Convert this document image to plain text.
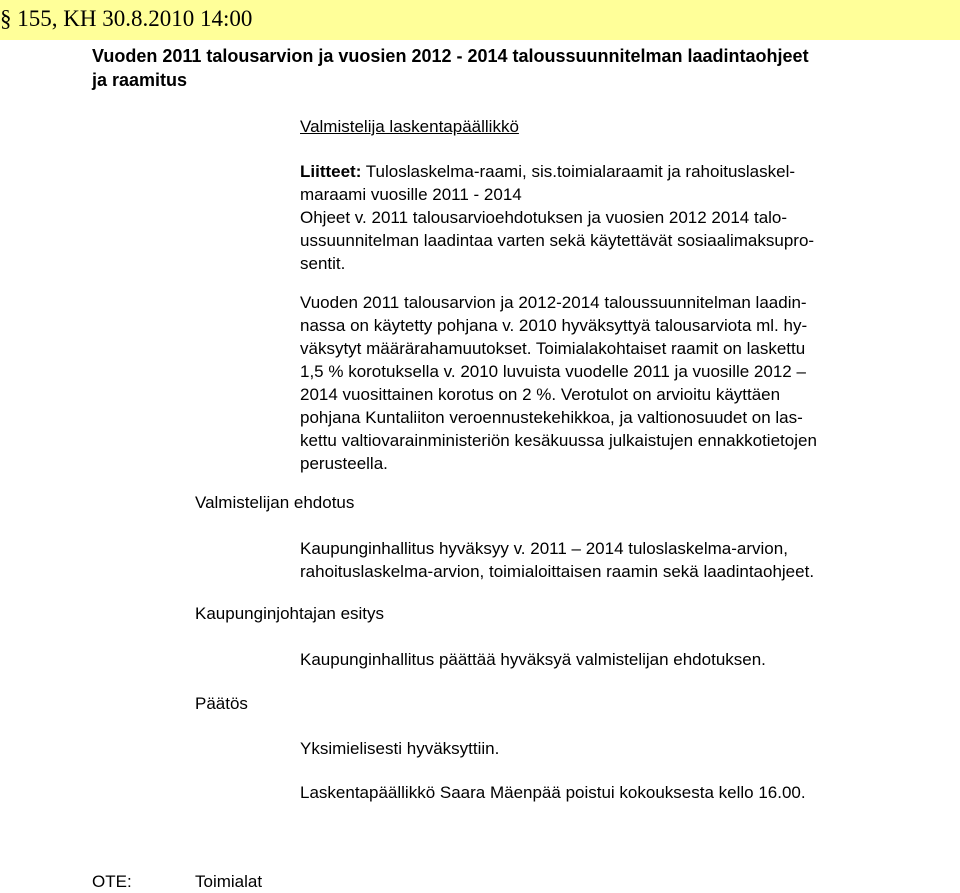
§ 155, KH 30.8.2010 14:00
Vuoden 2011 talousarvion ja vuosien 2012 - 2014 taloussuunnitelman laadintaohjeet
ja raamitus
Valmistelija laskentapäällikkö
Liitteet: Tuloslaskelma-raami, sis.toimialaraamit ja rahoituslaskel-
maraami vuosille 2011 - 2014
Ohjeet v. 2011 talousarvioehdotuksen ja vuosien 2012 2014 talo-
ussuunnitelman laadintaa varten sekä käytettävät sosiaalimaksupro-
sentit.
Vuoden 2011 talousarvion ja 2012-2014 taloussuunnitelman laadin-
nassa on käytetty pohjana v. 2010 hyväksyttyä talousarviota ml. hy-
väksytyt määrärahamuutokset. Toimialakohtaiset raamit on laskettu
1,5 % korotuksella v. 2010 luvuista vuodelle 2011 ja vuosille 2012 –
2014 vuosittainen korotus on 2 %. Verotulot on arvioitu käyttäen
pohjana Kuntaliiton veroennustekehikkoa, ja valtionosuudet on las-
kettu valtiovarainministeriön kesäkuussa julkaistujen ennakkotietojen
perusteella.
Valmistelijan ehdotus
Kaupunginhallitus hyväksyy v. 2011 – 2014 tuloslaskelma-arvion,
rahoituslaskelma-arvion, toimialoittaisen raamin sekä laadintaohjeet.
Kaupunginjohtajan esitys
Kaupunginhallitus päättää hyväksyä valmistelijan ehdotuksen.
Päätös
Yksimielisesti hyväksyttiin.
Laskentapäällikkö Saara Mäenpää poistui kokouksesta kello 16.00.
OTE:	Toimialat
